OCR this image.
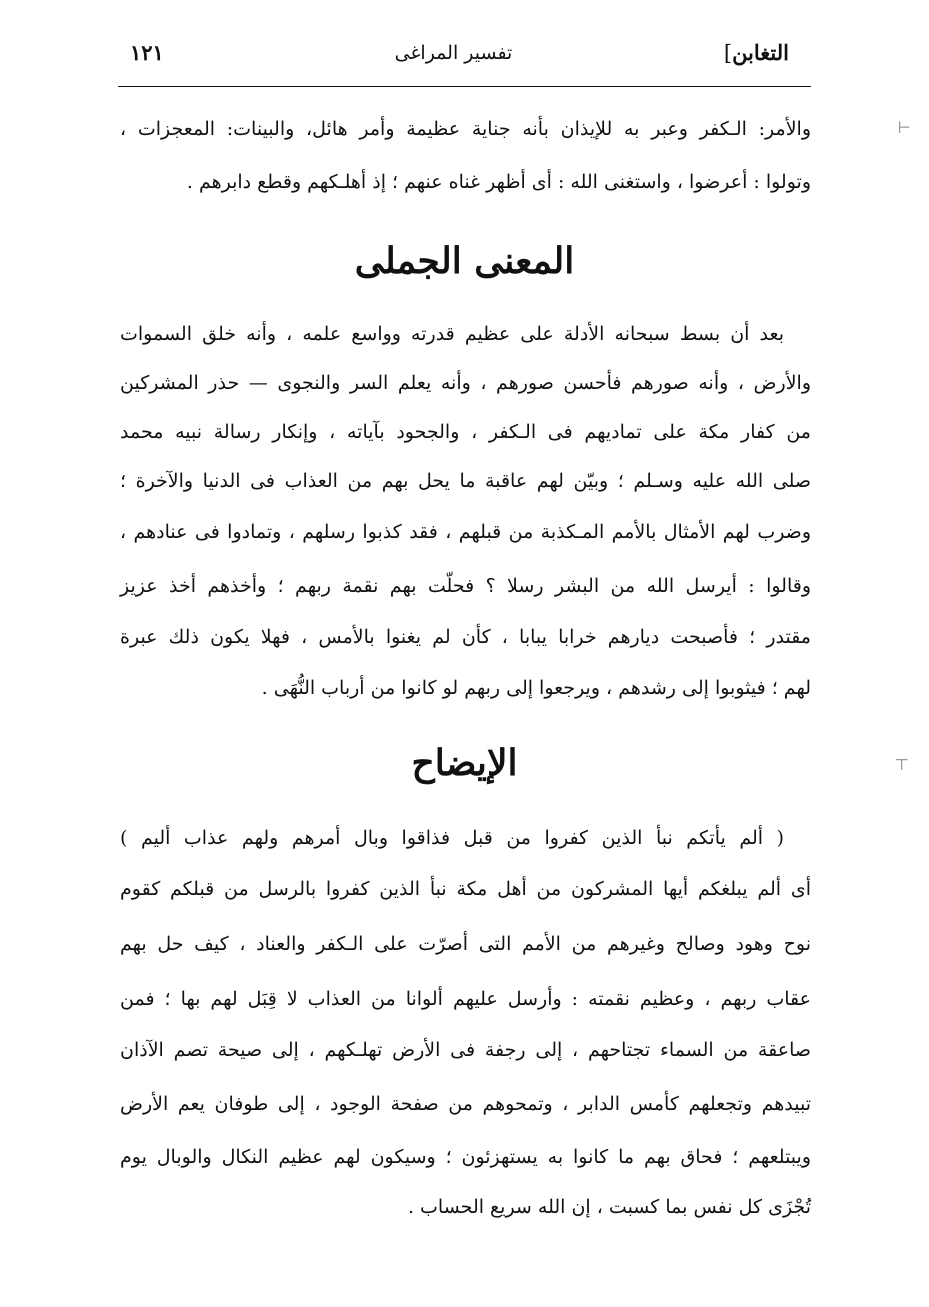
التغابن]
تفسير المراغى
١٢١
والأمر: الـكفر وعبر به للإيذان بأنه جناية عظيمة وأمر هائل، والبينات: المعجزات ،
وتولوا : أعرضوا ، واستغنى الله : أى أظهر غناه عنهم ؛ إذ أهلـكهم وقطع دابرهم .
المعنى الجملى
بعد أن بسط سبحانه الأدلة على عظيم قدرته وواسع علمه ، وأنه خلق السموات
والأرض ، وأنه صورهم فأحسن صورهم ، وأنه يعلم السر والنجوى — حذر المشركين
من كفار مكة على تماديهم فى الـكفر ، والجحود بآياته ، وإنكار رسالة نبيه محمد
صلى الله عليه وسـلم ؛ وبيّن لهم عاقبة ما يحل بهم من العذاب فى الدنيا والآخرة ؛
وضرب لهم الأمثال بالأمم المـكذبة من قبلهم ، فقد كذبوا رسلهم ، وتمادوا فى عنادهم ،
وقالوا : أيرسل الله من البشر رسلا ؟ فحلّت بهم نقمة ربهم ؛ وأخذهم أخذ عزيز
مقتدر ؛ فأصبحت ديارهم خرابا يبابا ، كأن لم يغنوا بالأمس ، فهلا يكون ذلك عبرة
لهم ؛ فيثوبوا إلى رشدهم ، ويرجعوا إلى ربهم لو كانوا من أرباب النُّهَى .
الإيضاح
( ألم يأتكم نبأ الذين كفروا من قبل فذاقوا وبال أمرهم ولهم عذاب أليم )
أى ألم يبلغكم أيها المشركون من أهل مكة نبأ الذين كفروا بالرسل من قبلكم كقوم
نوح وهود وصالح وغيرهم من الأمم التى أصرّت على الـكفر والعناد ، كيف حل بهم
عقاب ربهم ، وعظيم نقمته : وأرسل عليهم ألوانا من العذاب لا قِبَل لهم بها ؛ فمن
صاعقة من السماء تجتاحهم ، إلى رجفة فى الأرض تهلـكهم ، إلى صيحة تصم الآذان
تبيدهم وتجعلهم كأمس الدابر ، وتمحوهم من صفحة الوجود ، إلى طوفان يعم الأرض
ويبتلعهم ؛ فحاق بهم ما كانوا به يستهزئون ؛ وسيكون لهم عظيم النكال والوبال يوم
تُجْزَى كل نفس بما كسبت ، إن الله سريع الحساب .
⊣
⊤
